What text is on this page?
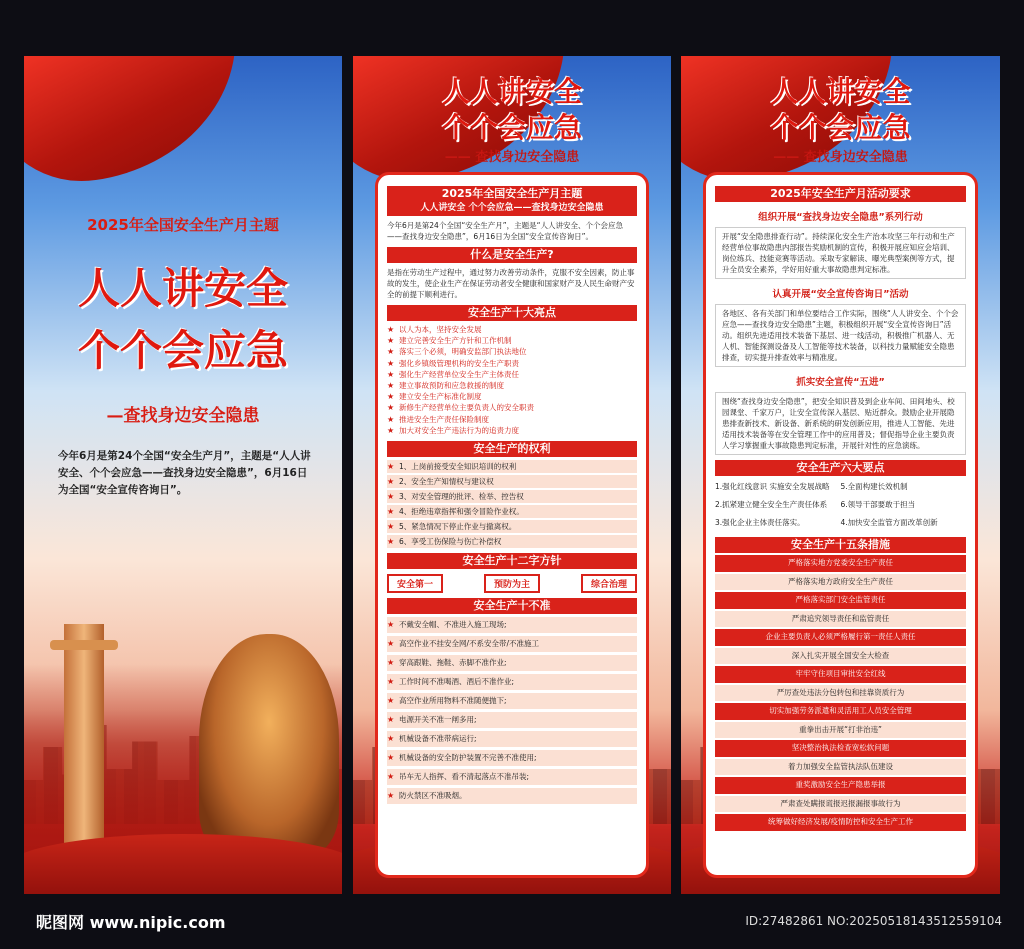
2025年全国安全生产月主题
人人讲安全
个个会应急
—查找身边安全隐患
今年6月是第24个全国“安全生产月”，主题是“人人讲安全、个个会应急——查找身边安全隐患”，6月16日为全国“安全宣传咨询日”。
人人讲安全
个个会应急
—— 查找身边安全隐患
2025年全国安全生产月主题
人人讲安全 个个会应急——查找身边安全隐患
今年6月是第24个全国“安全生产月”，主题是“人人讲安全、个个会应急——查找身边安全隐患”，6月16日为全国“安全宣传咨询日”。
什么是安全生产?
是指在劳动生产过程中，通过努力改善劳动条件，克服不安全因素，防止事故的发生，使企业生产在保证劳动者安全健康和国家财产及人民生命财产安全的前提下顺利进行。
安全生产十大亮点
★ 以人为本，坚持安全发展
★ 建立完善安全生产方针和工作机制
★ 落实三个必须，明确安监部门执法地位
★ 强化乡镇级管理机构的安全生产职责
★ 强化生产经营单位安全生产主体责任
★ 建立事故预防和应急救援的制度
★ 建立安全生产标准化制度
★ 新修生产经营单位主要负责人的安全职责
★ 推进安全生产责任保险制度
★ 加大对安全生产违法行为的追责力度
安全生产的权利
★ 1、上岗前接受安全知识培训的权利
★ 2、安全生产知情权与建议权
★ 3、对安全管理的批评、检举、控告权
★ 4、拒绝违章指挥和强令冒险作业权。
★ 5、紧急情况下停止作业与撤离权。
★ 6、享受工伤保险与伤亡补偿权
安全生产十二字方针
安全第一	预防为主	综合治理
安全生产十不准
★ 不戴安全帽、不准进入施工现场;
★ 高空作业不挂安全网/不系安全带/不准施工
★ 穿高跟鞋、拖鞋、赤脚不准作业;
★ 工作时间不准喝酒、酒后不准作业;
★ 高空作业所用物料不准随便抛下;
★ 电源开关不准一闸多用;
★ 机械设备不准带病运行;
★ 机械设备的安全防护装置不完善不准使用;
★ 吊车无人指挥、看不清起落点不准吊装;
★ 防火禁区不准吸烟。
人人讲安全
个个会应急
—— 查找身边安全隐患
2025年安全生产月活动要求
组织开展“查找身边安全隐患”系列行动
开展“安全隐患排查行动”。持续深化安全生产治本攻坚三年行动和生产经营单位事故隐患内部报告奖励机制的宣传，积极开展应知应会培训、岗位练兵、技能竞赛等活动。采取专家解读、曝光典型案例等方式，提升全员安全素养，学好用好重大事故隐患判定标准。
认真开展“安全宣传咨询日”活动
各地区、各有关部门和单位要结合工作实际，围绕“人人讲安全、个个会应急——查找身边安全隐患”主题，积极组织开展“安全宣传咨询日”活动。组织先进适用技术装备下基层、进一线活动，积极推广机器人、无人机、智能探测设备及人工智能等技术装备，以科技力量赋能安全隐患排查，切实提升排查效率与精准度。
抓实安全宣传“五进”
围绕“查找身边安全隐患”，把安全知识普及到企业车间、田间地头、校园课堂、千家万户，让安全宣传深入基层、贴近群众。鼓励企业开展隐患排查新技术、新设备、新系统的研发创新应用，推进人工智能、先进适用技术装备等在安全管理工作中的应用普及；督促指导企业主要负责人学习掌握重大事故隐患判定标准，开展针对性的应急演练。
安全生产六大要点
1.强化红线意识 实施安全发展战略	5.全面构建长效机制
2.抓紧建立健全安全生产责任体系	6.领导干部要敢于担当
3.强化企业主体责任落实。	4.加快安全监管方面改革创新
安全生产十五条措施
严格落实地方党委安全生产责任
严格落实地方政府安全生产责任
严格落实部门安全监管责任
严肃追究领导责任和监管责任
企业主要负责人必须严格履行第一责任人责任
深入扎实开展全国安全大检查
牢牢守住项目审批安全红线
严厉查处违法分包转包和挂靠资质行为
切实加强劳务派遣和灵活用工人员安全管理
重拳出击开展“打非治违”
坚决整治执法检查宽松软问题
着力加强安全监管执法队伍建设
重奖激励安全生产隐患举报
严肃查处瞒报谎报迟报漏报事故行为
统筹做好经济发展/疫情防控和安全生产工作
昵图网 www.nipic.com	ID:27482861 NO:20250518143512559104
